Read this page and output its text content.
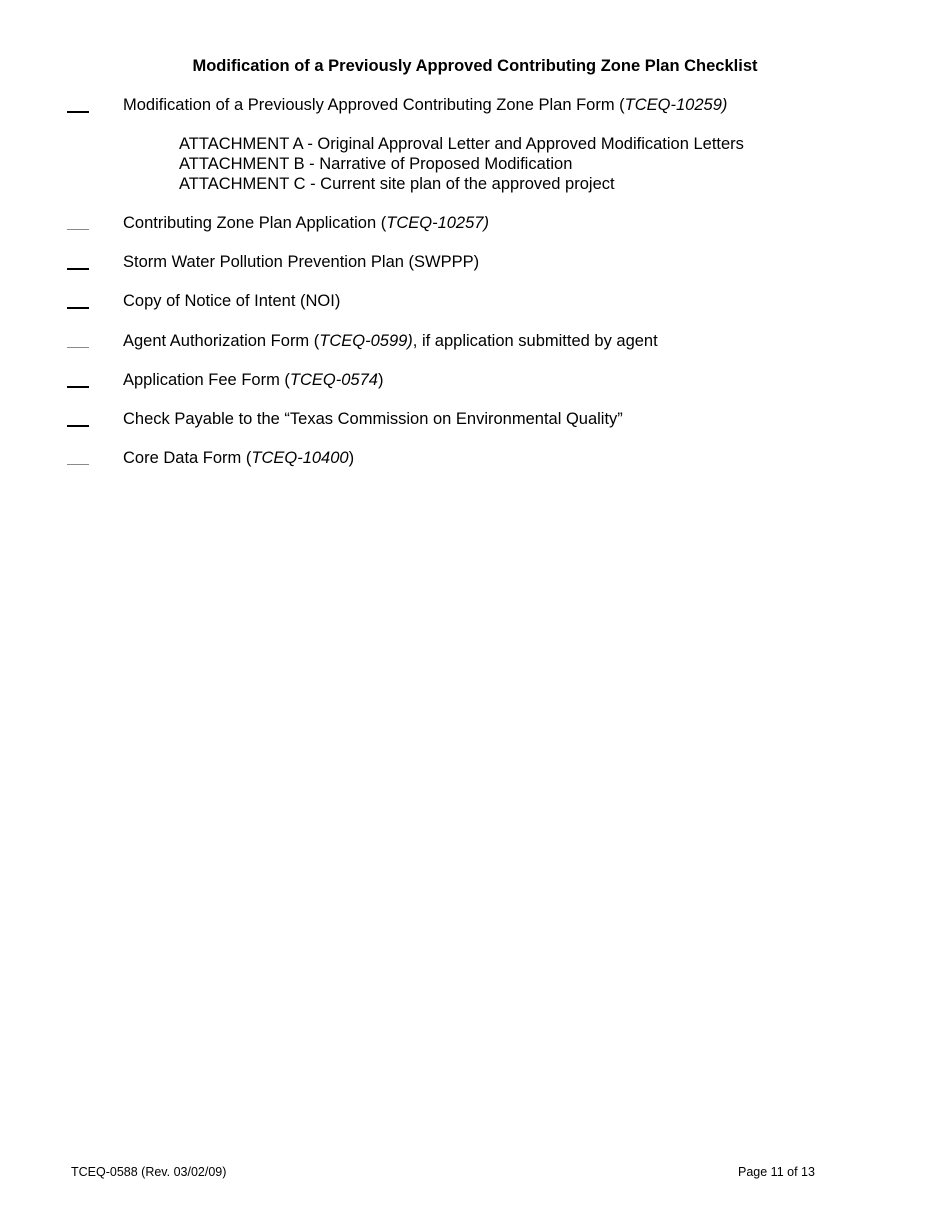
Modification of a Previously Approved Contributing Zone Plan Checklist
Modification of a Previously Approved Contributing Zone Plan Form (TCEQ-10259)
ATTACHMENT A - Original Approval Letter and Approved Modification Letters
ATTACHMENT B - Narrative of Proposed Modification
ATTACHMENT C - Current site plan of the approved project
Contributing Zone Plan Application (TCEQ-10257)
Storm Water Pollution Prevention Plan (SWPPP)
Copy of Notice of Intent (NOI)
Agent Authorization Form (TCEQ-0599), if application submitted by agent
Application Fee Form (TCEQ-0574)
Check Payable to the “Texas Commission on Environmental Quality”
Core Data Form (TCEQ-10400)
TCEQ-0588 (Rev. 03/02/09)	Page 11 of 13
